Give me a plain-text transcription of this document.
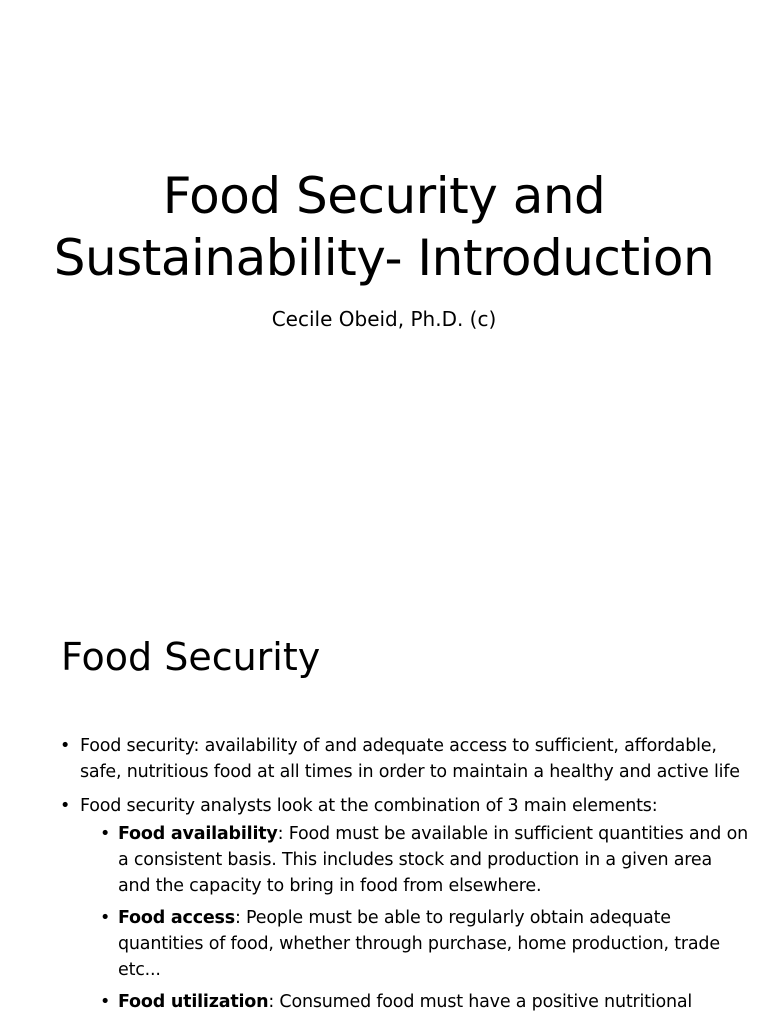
Food Security and
Sustainability- Introduction

Cecile Obeid, Ph.D. (c)

Food Security
• Food security: availability of and adequate access to sufficient, affordable, safe, nutritious food at all times in order to maintain a healthy and active life
• Food security analysts look at the combination of 3 main elements:
• Food availability: Food must be available in sufficient quantities and on a consistent basis. This includes stock and production in a given area and the capacity to bring in food from elsewhere.
• Food access: People must be able to regularly obtain adequate quantities of food, whether through purchase, home production, trade etc...
• Food utilization: Consumed food must have a positive nutritional
